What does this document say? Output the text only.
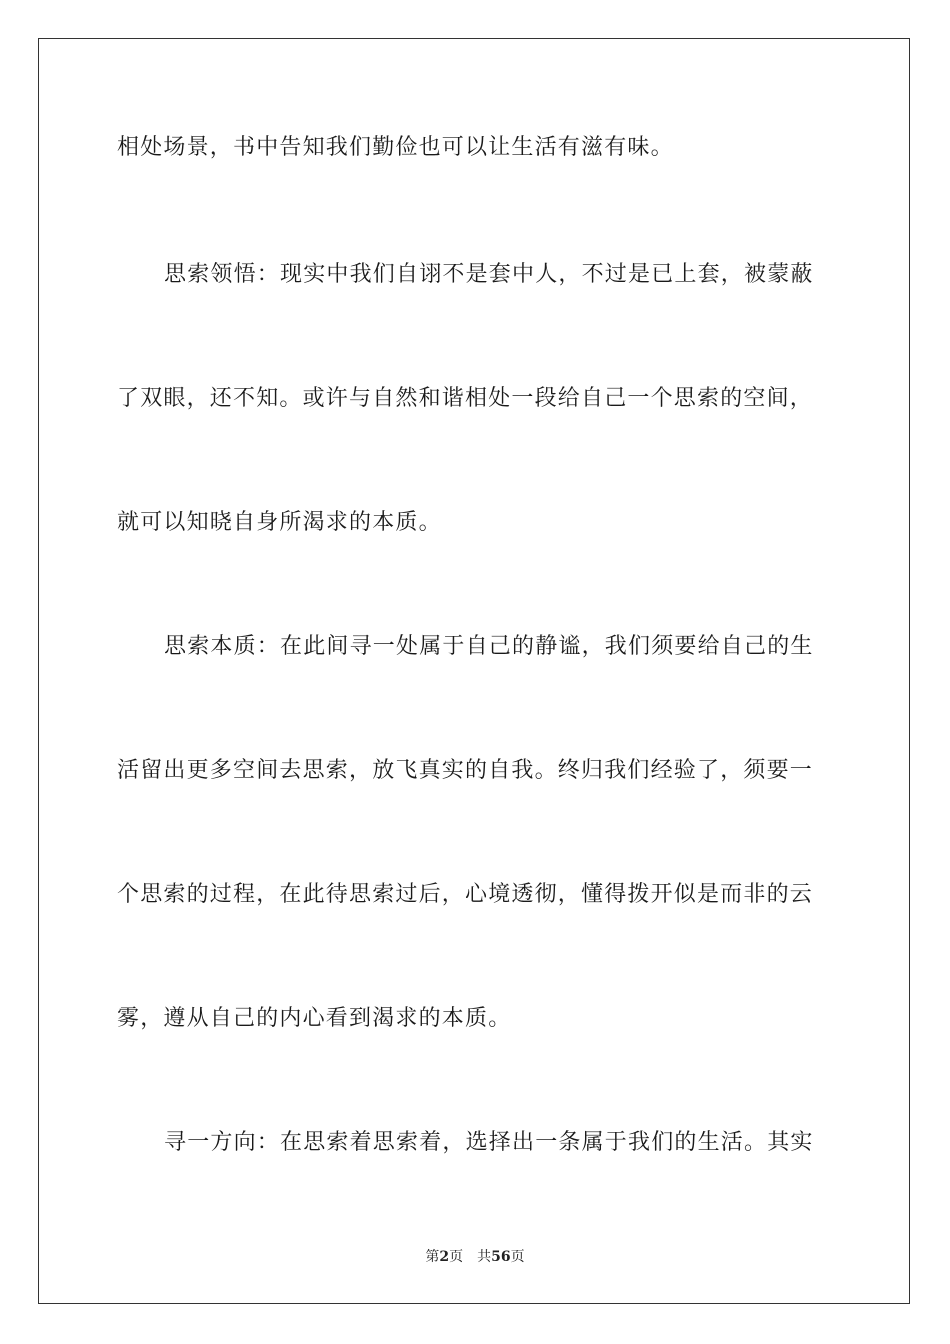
相处场景，书中告知我们勤俭也可以让生活有滋有味。
思索领悟：现实中我们自诩不是套中人，不过是已上套，被蒙蔽
了双眼，还不知。或许与自然和谐相处一段给自己一个思索的空间，
就可以知晓自身所渴求的本质。
思索本质：在此间寻一处属于自己的静谧，我们须要给自己的生
活留出更多空间去思索，放飞真实的自我。终归我们经验了，须要一
个思索的过程，在此待思索过后，心境透彻，懂得拨开似是而非的云
雾，遵从自己的内心看到渴求的本质。
寻一方向：在思索着思索着，选择出一条属于我们的生活。其实
第2页 共56页
